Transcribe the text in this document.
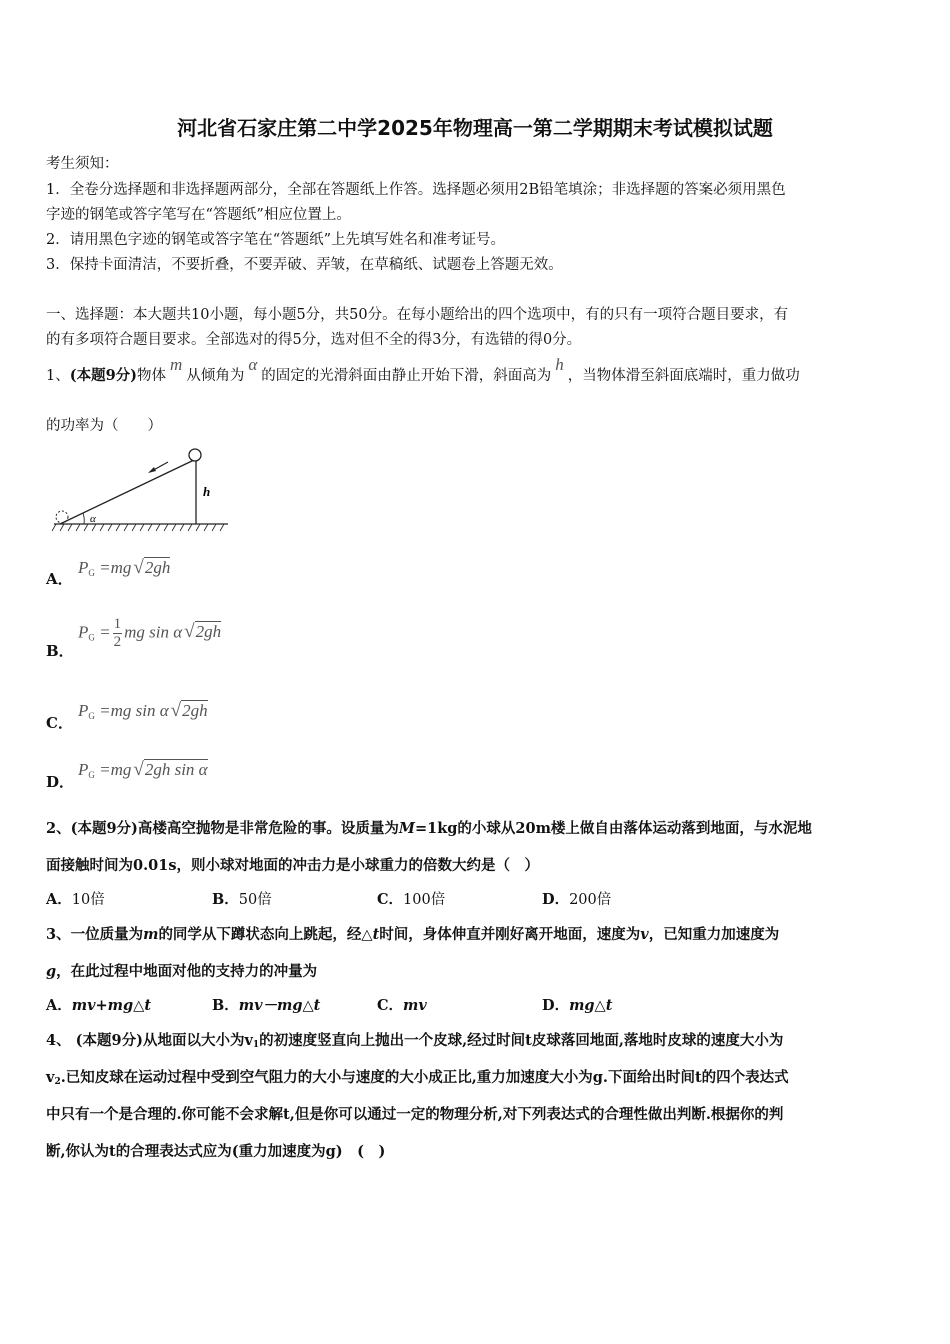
河北省石家庄第二中学2025年物理高一第二学期期末考试模拟试题
考生须知：
1．全卷分选择题和非选择题两部分，全部在答题纸上作答。选择题必须用2B铅笔填涂；非选择题的答案必须用黑色
字迹的钢笔或答字笔写在“答题纸”相应位置上。
2．请用黑色字迹的钢笔或答字笔在“答题纸”上先填写姓名和准考证号。
3．保持卡面清洁，不要折叠，不要弄破、弄皱，在草稿纸、试题卷上答题无效。
一、选择题：本大题共10小题，每小题5分，共50分。在每小题给出的四个选项中，有的只有一项符合题目要求，有
的有多项符合题目要求。全部选对的得5分，选对但不全的得3分，有选错的得0分。
1、(本题9分)物体m从倾角为α的固定的光滑斜面由静止开始下滑，斜面高为h，当物体滑至斜面底端时，重力做功
的功率为（　　）
α
h
A．
$P_G =mg$ √2gh
B．
$P_G = \frac{1}{2}$ mg sin α √2gh
C．
$P_G =mg$ sin α √2gh
D．
$P_G =mg$ √2gh sin α
2、(本题9分)高楼高空抛物是非常危险的事。设质量为M=1kg的小球从20m楼上做自由落体运动落到地面，与水泥地
面接触时间为0.01s，则小球对地面的冲击力是小球重力的倍数大约是（　）
A．10倍	B．50倍	C．100倍	D．200倍
3、一位质量为m的同学从下蹲状态向上跳起，经△t时间，身体伸直并刚好离开地面，速度为v，已知重力加速度为
g，在此过程中地面对他的支持力的冲量为
A．mv+mg△t	B．mv－mg△t	C．mv	D．mg△t
4、 (本题9分)从地面以大小为$v_1$的初速度竖直向上抛出一个皮球,经过时间t皮球落回地面,落地时皮球的速度大小为
$v_2$.已知皮球在运动过程中受到空气阻力的大小与速度的大小成正比,重力加速度大小为g.下面给出时间t的四个表达式
中只有一个是合理的.你可能不会求解t,但是你可以通过一定的物理分析,对下列表达式的合理性做出判断.根据你的判
断,你认为t的合理表达式应为(重力加速度为g)　(　)
